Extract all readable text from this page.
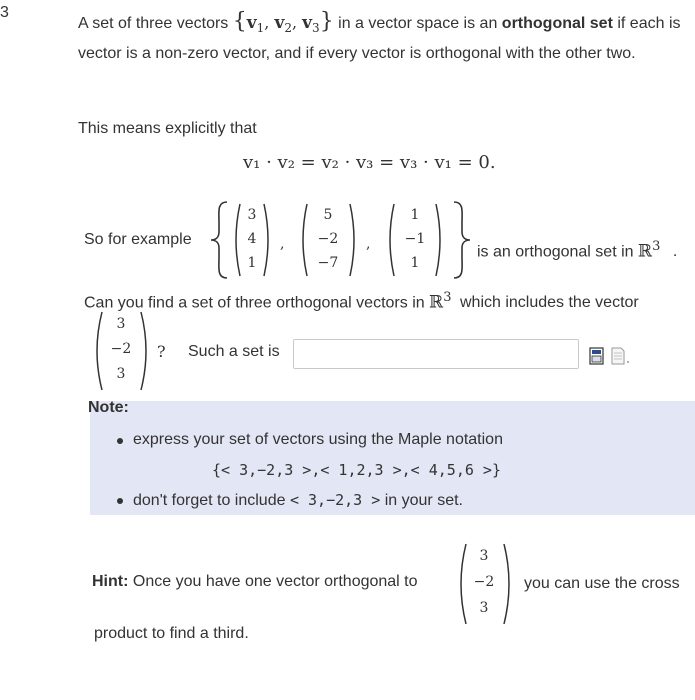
3
A set of three vectors {$v_1$, $v_2$, $v_3$} in a vector space is an orthogonal set if each is vector is a non-zero vector, and if every vector is orthogonal with the other two.
This means explicitly that
v₁ · v₂ = v₂ · v₃ = v₃ · v₁ = 0.
So for example
3
4
1
,
5
−2
−7
,
1
−1
1
is an orthogonal set in ℝ$^3$ .
Can you find a set of three orthogonal vectors in ℝ$^3$ which includes the vector
3
−2
3
? Such a set is
Note:
express your set of vectors using the Maple notation
{< 3,−2,3 >,< 1,2,3 >,< 4,5,6 >}
don't forget to include < 3,−2,3 > in your set.
Hint: Once you have one vector orthogonal to
3
−2
3
you can use the cross
product to find a third.
